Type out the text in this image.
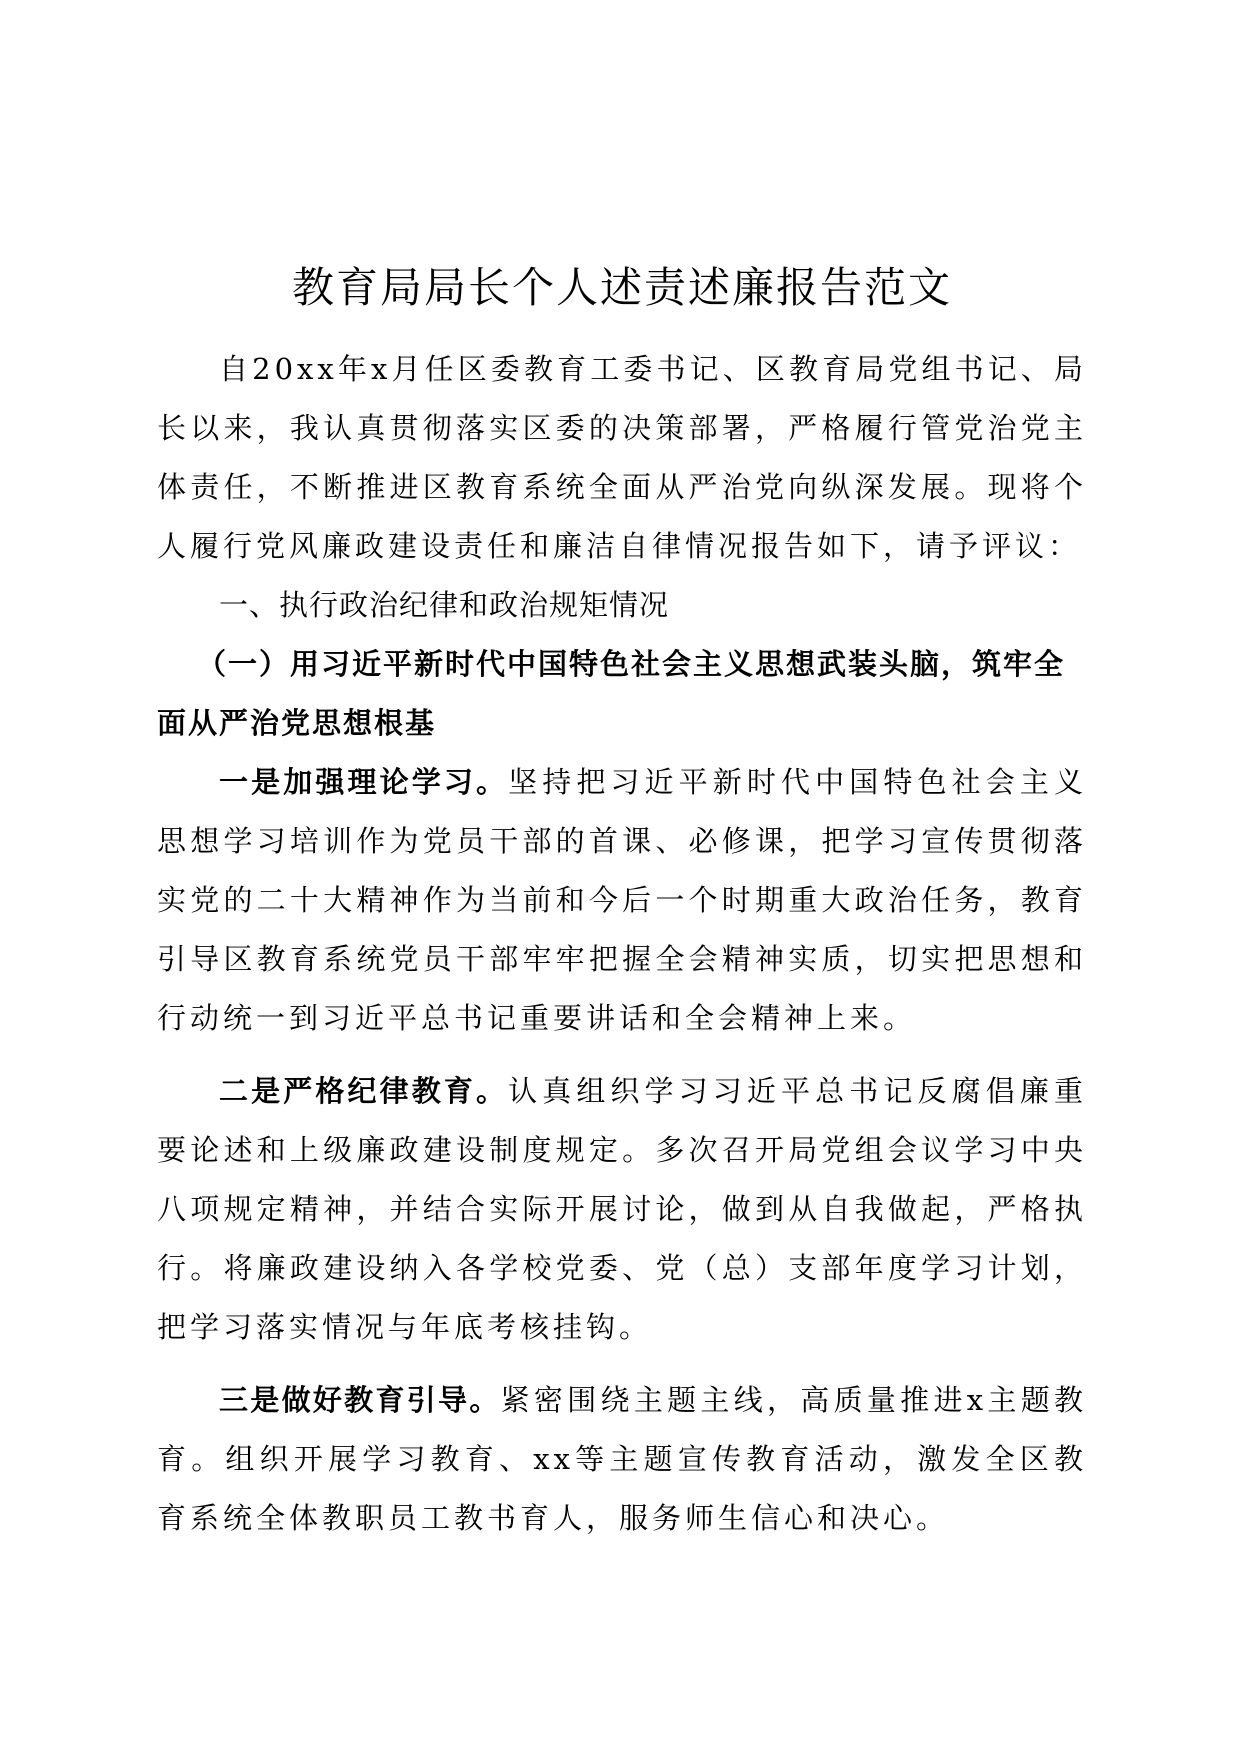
教育局局长个人述责述廉报告范文

自20xx年x月任区委教育工委书记、区教育局党组书记、局长以来，我认真贯彻落实区委的决策部署，严格履行管党治党主体责任，不断推进区教育系统全面从严治党向纵深发展。现将个人履行党风廉政建设责任和廉洁自律情况报告如下，请予评议：

一、执行政治纪律和政治规矩情况

（一）用习近平新时代中国特色社会主义思想武装头脑，筑牢全面从严治党思想根基

一是加强理论学习。坚持把习近平新时代中国特色社会主义思想学习培训作为党员干部的首课、必修课，把学习宣传贯彻落实党的二十大精神作为当前和今后一个时期重大政治任务，教育引导区教育系统党员干部牢牢把握全会精神实质，切实把思想和行动统一到习近平总书记重要讲话和全会精神上来。

二是严格纪律教育。认真组织学习习近平总书记反腐倡廉重要论述和上级廉政建设制度规定。多次召开局党组会议学习中央八项规定精神，并结合实际开展讨论，做到从自我做起，严格执行。将廉政建设纳入各学校党委、党（总）支部年度学习计划，把学习落实情况与年底考核挂钩。

三是做好教育引导。紧密围绕主题主线，高质量推进x主题教育。组织开展学习教育、xx等主题宣传教育活动，激发全区教育系统全体教职员工教书育人，服务师生信心和决心。
